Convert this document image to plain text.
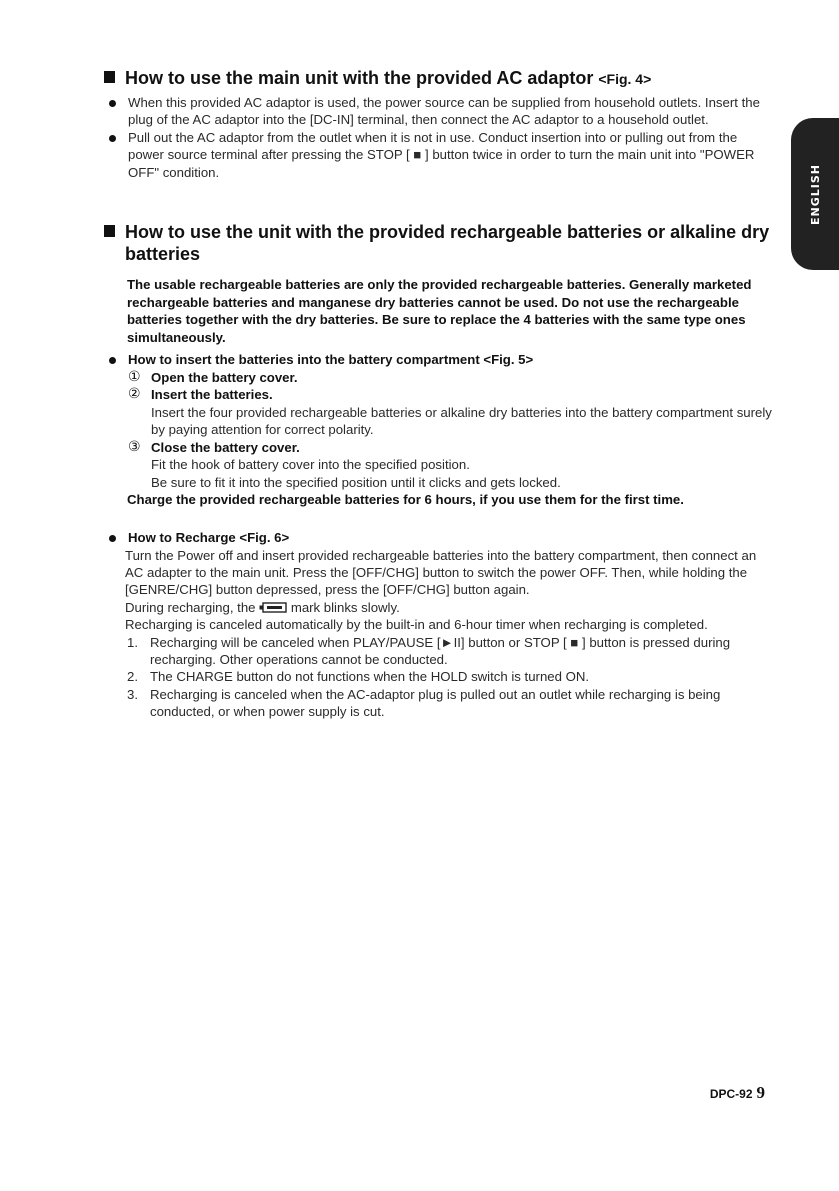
ENGLISH
How to use the main unit with the provided AC adaptor <Fig. 4>
When this provided AC adaptor is used, the power source can be supplied from household outlets. Insert the plug of the AC adaptor into the [DC-IN] terminal, then connect the AC adaptor to a household outlet.
Pull out the AC adaptor from the outlet when it is not in use. Conduct insertion into or pulling out from the power source terminal after pressing the STOP [ ■ ] button twice in order to turn the main unit into "POWER OFF" condition.
How to use the unit with the provided rechargeable batteries or alkaline dry batteries
The usable rechargeable batteries are only the provided rechargeable batteries. Generally marketed rechargeable batteries and manganese dry batteries cannot be used. Do not use the rechargeable batteries together with the dry batteries. Be sure to replace the 4 batteries with the same type ones simultaneously.
How to insert the batteries into the battery compartment <Fig. 5>
① Open the battery cover.
② Insert the batteries.
Insert the four provided rechargeable batteries or alkaline dry batteries into the battery compartment surely by paying attention for correct polarity.
③ Close the battery cover.
Fit the hook of battery cover into the specified position.
Be sure to fit it into the specified position until it clicks and gets locked.
Charge the provided rechargeable batteries for 6 hours, if you use them for the first time.
How to Recharge <Fig. 6>
Turn the Power off and insert provided rechargeable batteries into the battery compartment, then connect an AC adapter to the main unit. Press the [OFF/CHG] button to switch the power OFF. Then, while holding the [GENRE/CHG] button depressed, press the [OFF/CHG] button again.
During recharging, the	mark blinks slowly.
Recharging is canceled automatically by the built-in and 6-hour timer when recharging is completed.
1. Recharging will be canceled when PLAY/PAUSE [►II] button or STOP [ ■ ] button is pressed during recharging. Other operations cannot be conducted.
2. The CHARGE button do not functions when the HOLD switch is turned ON.
3. Recharging is canceled when the AC-adaptor plug is pulled out an outlet while recharging is being conducted, or when power supply is cut.
DPC-92 9
